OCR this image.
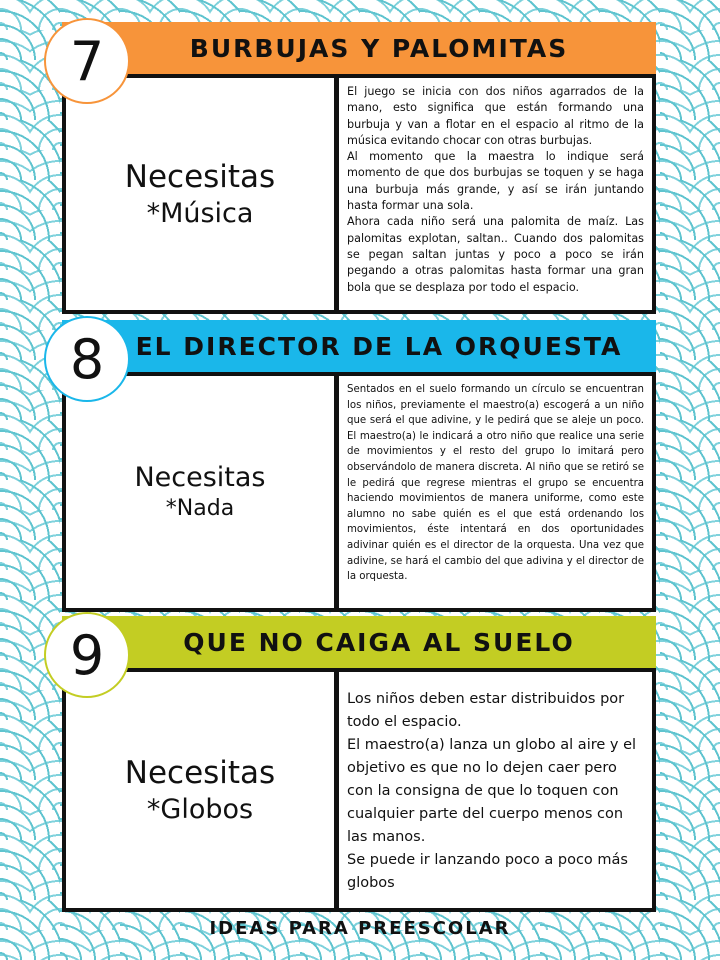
BURBUJAS Y PALOMITAS
Necesitas
*Música

El juego se inicia con dos niños agarrados de la mano, esto significa que están formando una burbuja y van a flotar en el espacio al ritmo de la música evitando chocar con otras burbujas.

Al momento que la maestra lo indique será momento de que dos burbujas se toquen y se haga una burbuja más grande, y así se irán juntando hasta formar una sola.

Ahora cada niño será una palomita de maíz. Las palomitas explotan, saltan.. Cuando dos palomitas se pegan saltan juntas y poco a poco se irán pegando a otras palomitas hasta formar una gran bola que se desplaza por todo el espacio.

7
EL DIRECTOR DE LA ORQUESTA
Necesitas
*Nada

Sentados en el suelo formando un círculo se encuentran los niños, previamente el maestro(a) escogerá a un niño que será el que adivine, y le pedirá que se aleje un poco. El maestro(a) le indicará a otro niño que realice una serie de movimientos y el resto del grupo lo imitará pero observándolo de manera discreta. Al niño que se retiró se le pedirá que regrese mientras el grupo se encuentra haciendo movimientos de manera uniforme, como este alumno no sabe quién es el que está ordenando los movimientos, éste intentará en dos oportunidades adivinar quién es el director de la orquesta. Una vez que adivine, se hará el cambio del que adivina y el director de la orquesta.

8
QUE NO CAIGA AL SUELO
Necesitas
*Globos

Los niños deben estar distribuidos por todo el espacio.

El maestro(a) lanza un globo al aire y el objetivo es que no lo dejen caer pero con la consigna de que lo toquen con cualquier parte del cuerpo menos con las manos.

Se puede ir lanzando poco a poco más globos

9
IDEAS PARA PREESCOLAR
